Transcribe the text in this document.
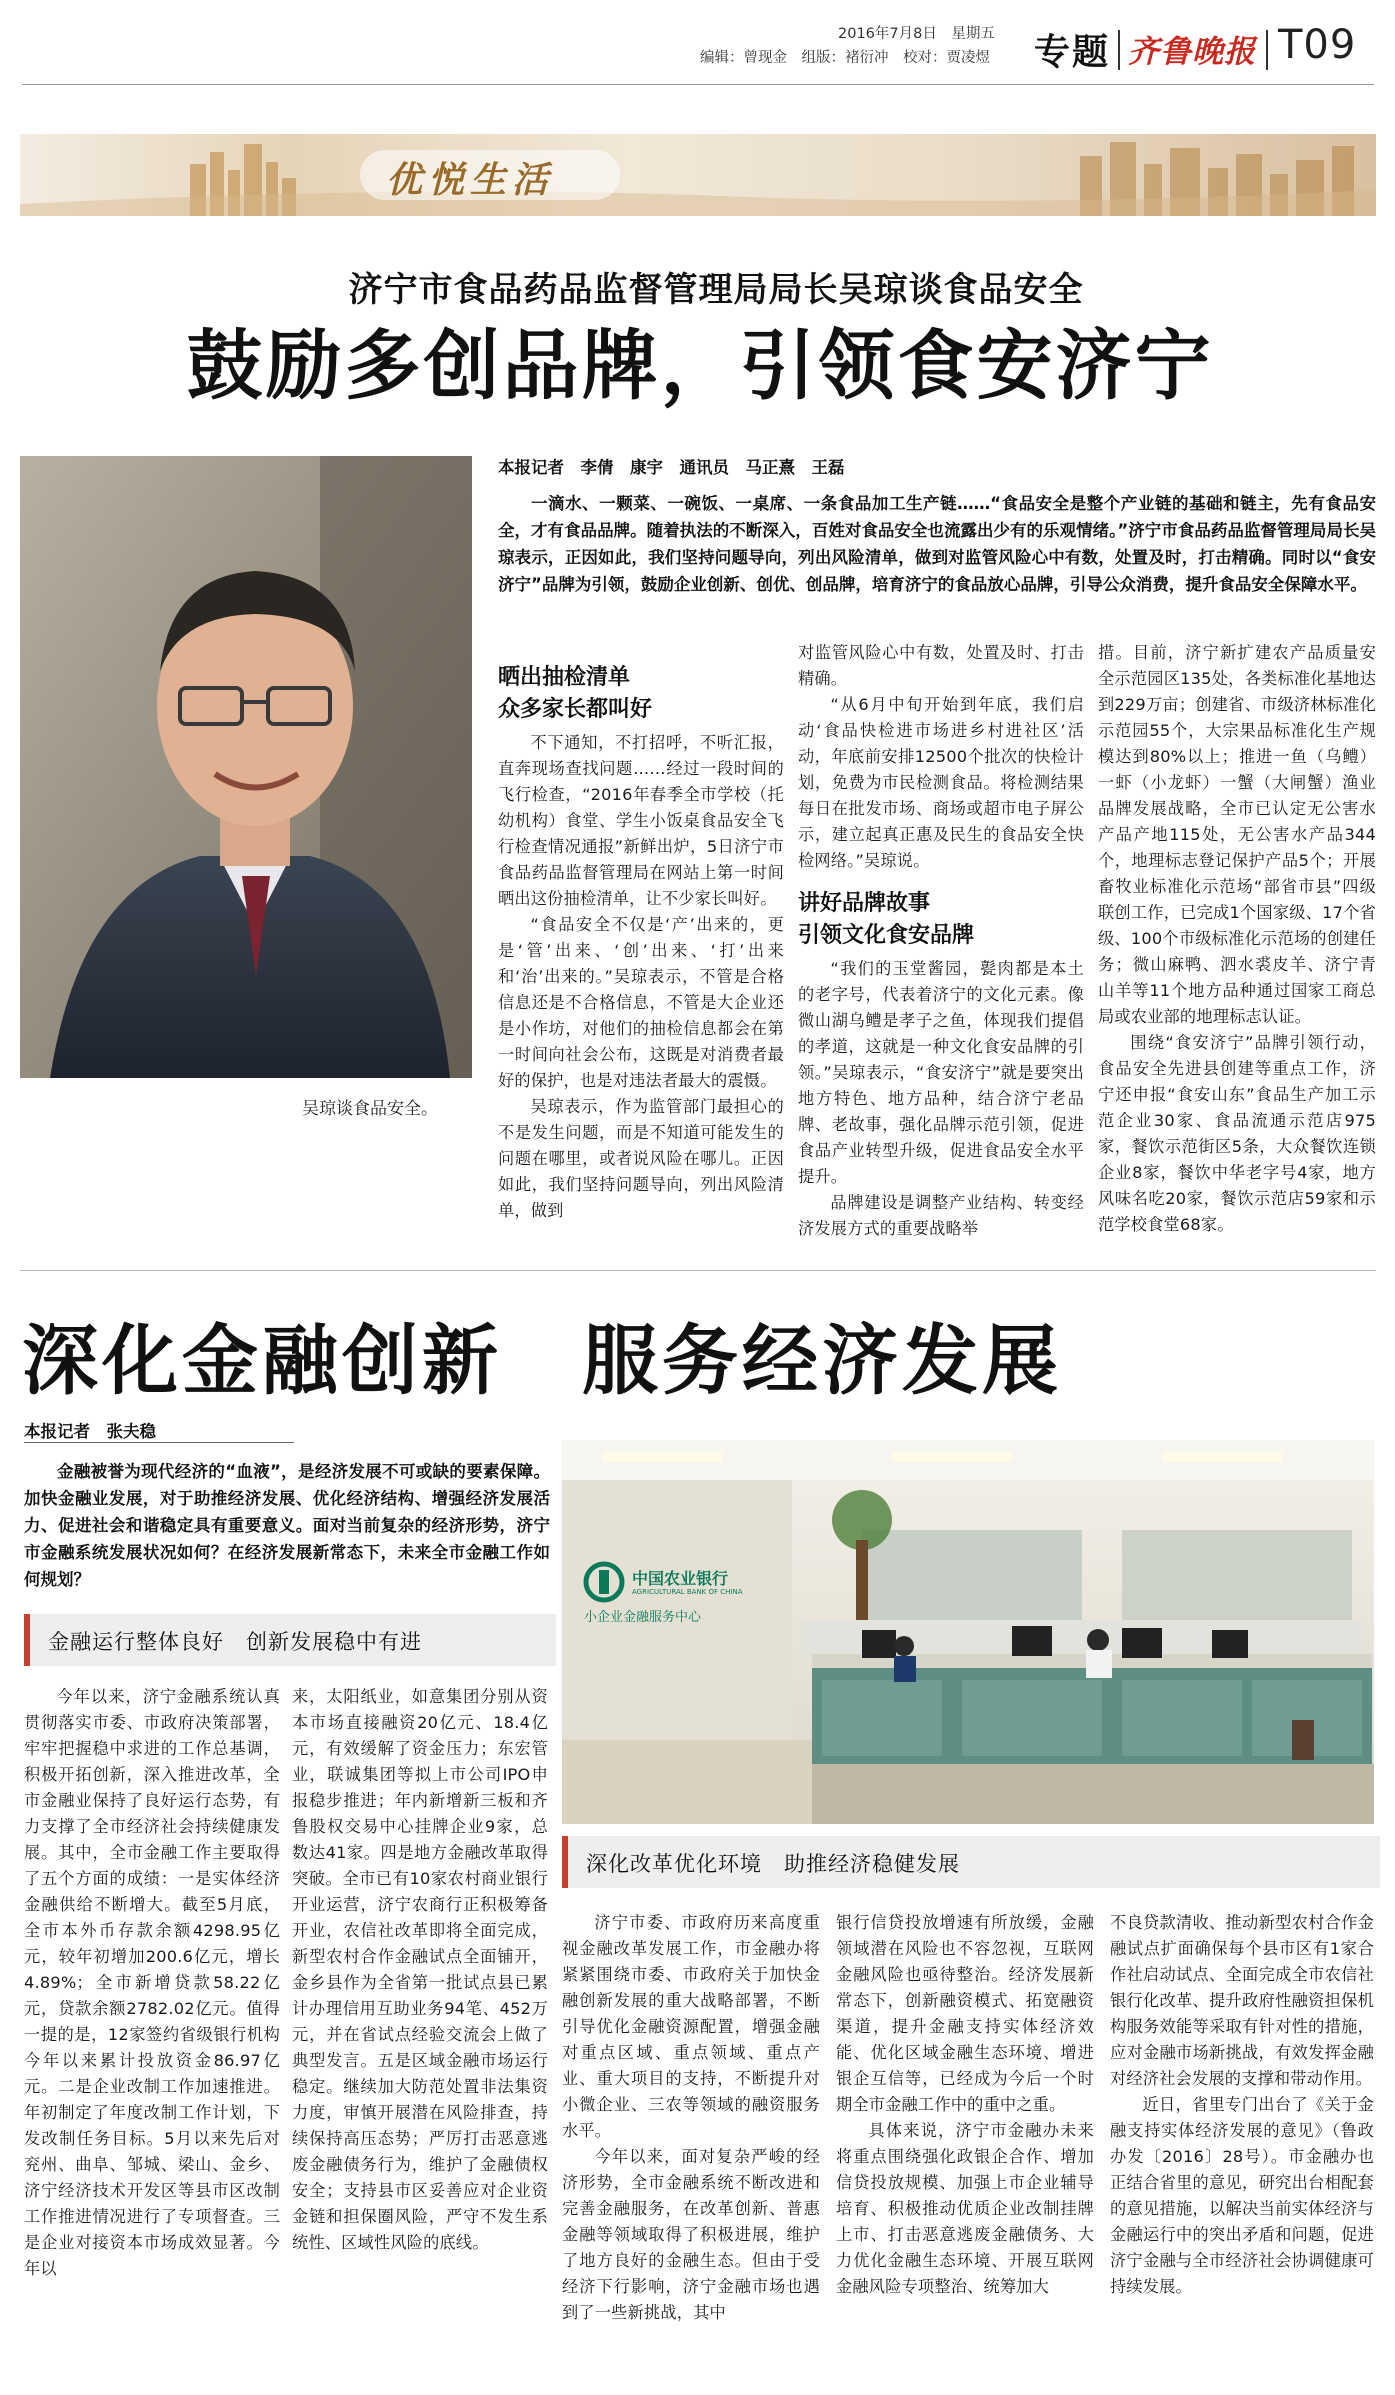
2016年7月8日　星期五
编辑：曾现金　组版：褚衍冲　校对：贾凌煜 专题 齐鲁晚报 T09
优悦生活
济宁市食品药品监督管理局局长吴琼谈食品安全
鼓励多创品牌，引领食安济宁
吴琼谈食品安全。
本报记者　李倩　康宇　通讯员　马正熹　王磊

一滴水、一颗菜、一碗饭、一桌席、一条食品加工生产链……“食品安全是整个产业链的基础和链主，先有食品安全，才有食品品牌。随着执法的不断深入，百姓对食品安全也流露出少有的乐观情绪。”济宁市食品药品监督管理局局长吴琼表示，正因如此，我们坚持问题导向，列出风险清单，做到对监管风险心中有数，处置及时，打击精确。同时以“食安济宁”品牌为引领，鼓励企业创新、创优、创品牌，培育济宁的食品放心品牌，引导公众消费，提升食品安全保障水平。

晒出抽检清单
众多家长都叫好

不下通知，不打招呼，不听汇报，直奔现场查找问题……经过一段时间的飞行检查，“2016年春季全市学校（托幼机构）食堂、学生小饭桌食品安全飞行检查情况通报”新鲜出炉，5日济宁市食品药品监督管理局在网站上第一时间晒出这份抽检清单，让不少家长叫好。

“食品安全不仅是‘产’出来的，更是‘管’出来、‘创’出来、‘打’出来和‘治’出来的。”吴琼表示，不管是合格信息还是不合格信息，不管是大企业还是小作坊，对他们的抽检信息都会在第一时间向社会公布，这既是对消费者最好的保护，也是对违法者最大的震慑。

吴琼表示，作为监管部门最担心的不是发生问题，而是不知道可能发生的问题在哪里，或者说风险在哪儿。正因如此，我们坚持问题导向，列出风险清单，做到

对监管风险心中有数，处置及时、打击精确。

“从6月中旬开始到年底，我们启动‘食品快检进市场进乡村进社区’活动，年底前安排12500个批次的快检计划，免费为市民检测食品。将检测结果每日在批发市场、商场或超市电子屏公示，建立起真正惠及民生的食品安全快检网络。”吴琼说。

讲好品牌故事
引领文化食安品牌

“我们的玉堂酱园，甏肉都是本土的老字号，代表着济宁的文化元素。像微山湖乌鳢是孝子之鱼，体现我们提倡的孝道，这就是一种文化食安品牌的引领。”吴琼表示，“食安济宁”就是要突出地方特色、地方品种，结合济宁老品牌、老故事，强化品牌示范引领，促进食品产业转型升级，促进食品安全水平提升。

品牌建设是调整产业结构、转变经济发展方式的重要战略举

措。目前，济宁新扩建农产品质量安全示范园区135处，各类标准化基地达到229万亩；创建省、市级济林标准化示范园55个，大宗果品标准化生产规模达到80%以上；推进一鱼（乌鳢）一虾（小龙虾）一蟹（大闸蟹）渔业品牌发展战略，全市已认定无公害水产品产地115处，无公害水产品344个，地理标志登记保护产品5个；开展畜牧业标准化示范场“部省市县”四级联创工作，已完成1个国家级、17个省级、100个市级标准化示范场的创建任务；微山麻鸭、泗水裘皮羊、济宁青山羊等11个地方品种通过国家工商总局或农业部的地理标志认证。

围绕“食安济宁”品牌引领行动，食品安全先进县创建等重点工作，济宁还申报“食安山东”食品生产加工示范企业30家、食品流通示范店975家，餐饮示范街区5条，大众餐饮连锁企业8家，餐饮中华老字号4家，地方风味名吃20家，餐饮示范店59家和示范学校食堂68家。

深化金融创新　服务经济发展
本报记者　张夫稳

金融被誉为现代经济的“血液”，是经济发展不可或缺的要素保障。加快金融业发展，对于助推经济发展、优化经济结构、增强经济发展活力、促进社会和谐稳定具有重要意义。面对当前复杂的经济形势，济宁市金融系统发展状况如何？在经济发展新常态下，未来全市金融工作如何规划？

金融运行整体良好　创新发展稳中有进

今年以来，济宁金融系统认真贯彻落实市委、市政府决策部署，牢牢把握稳中求进的工作总基调，积极开拓创新，深入推进改革，全市金融业保持了良好运行态势，有力支撑了全市经济社会持续健康发展。其中，全市金融工作主要取得了五个方面的成绩：一是实体经济金融供给不断增大。截至5月底，全市本外币存款余额4298.95亿元，较年初增加200.6亿元，增长4.89%；全市新增贷款58.22亿元，贷款余额2782.02亿元。值得一提的是，12家签约省级银行机构今年以来累计投放资金86.97亿元。二是企业改制工作加速推进。年初制定了年度改制工作计划，下发改制任务目标。5月以来先后对兖州、曲阜、邹城、梁山、金乡、济宁经济技术开发区等县市区改制工作推进情况进行了专项督查。三是企业对接资本市场成效显著。今年以

来，太阳纸业，如意集团分别从资本市场直接融资20亿元、18.4亿元，有效缓解了资金压力；东宏管业，联诚集团等拟上市公司IPO申报稳步推进；年内新增新三板和齐鲁股权交易中心挂牌企业9家，总数达41家。四是地方金融改革取得突破。全市已有10家农村商业银行开业运营，济宁农商行正积极筹备开业，农信社改革即将全面完成，新型农村合作金融试点全面铺开，金乡县作为全省第一批试点县已累计办理信用互助业务94笔、452万元，并在省试点经验交流会上做了典型发言。五是区域金融市场运行稳定。继续加大防范处置非法集资力度，审慎开展潜在风险排查，持续保持高压态势；严厉打击恶意逃废金融债务行为，维护了金融债权安全；支持县市区妥善应对企业资金链和担保圈风险，严守不发生系统性、区域性风险的底线。

中国农业银行
AGRICULTURAL BANK OF CHINA
小企业金融服务中心
深化改革优化环境　助推经济稳健发展

济宁市委、市政府历来高度重视金融改革发展工作，市金融办将紧紧围绕市委、市政府关于加快金融创新发展的重大战略部署，不断引导优化金融资源配置，增强金融对重点区域、重点领域、重点产业、重大项目的支持，不断提升对小微企业、三农等领域的融资服务水平。

今年以来，面对复杂严峻的经济形势，全市金融系统不断改进和完善金融服务，在改革创新、普惠金融等领域取得了积极进展，维护了地方良好的金融生态。但由于受经济下行影响，济宁金融市场也遇到了一些新挑战，其中

银行信贷投放增速有所放缓，金融领域潜在风险也不容忽视，互联网金融风险也亟待整治。经济发展新常态下，创新融资模式、拓宽融资渠道，提升金融支持实体经济效能、优化区域金融生态环境、增进银企互信等，已经成为今后一个时期全市金融工作中的重中之重。

具体来说，济宁市金融办未来将重点围绕强化政银企合作、增加信贷投放规模、加强上市企业辅导培育、积极推动优质企业改制挂牌上市、打击恶意逃废金融债务、大力优化金融生态环境、开展互联网金融风险专项整治、统筹加大

不良贷款清收、推动新型农村合作金融试点扩面确保每个县市区有1家合作社启动试点、全面完成全市农信社银行化改革、提升政府性融资担保机构服务效能等采取有针对性的措施，应对金融市场新挑战，有效发挥金融对经济社会发展的支撑和带动作用。

近日，省里专门出台了《关于金融支持实体经济发展的意见》（鲁政办发〔2016〕28号）。市金融办也正结合省里的意见，研究出台相配套的意见措施，以解决当前实体经济与金融运行中的突出矛盾和问题，促进济宁金融与全市经济社会协调健康可持续发展。
